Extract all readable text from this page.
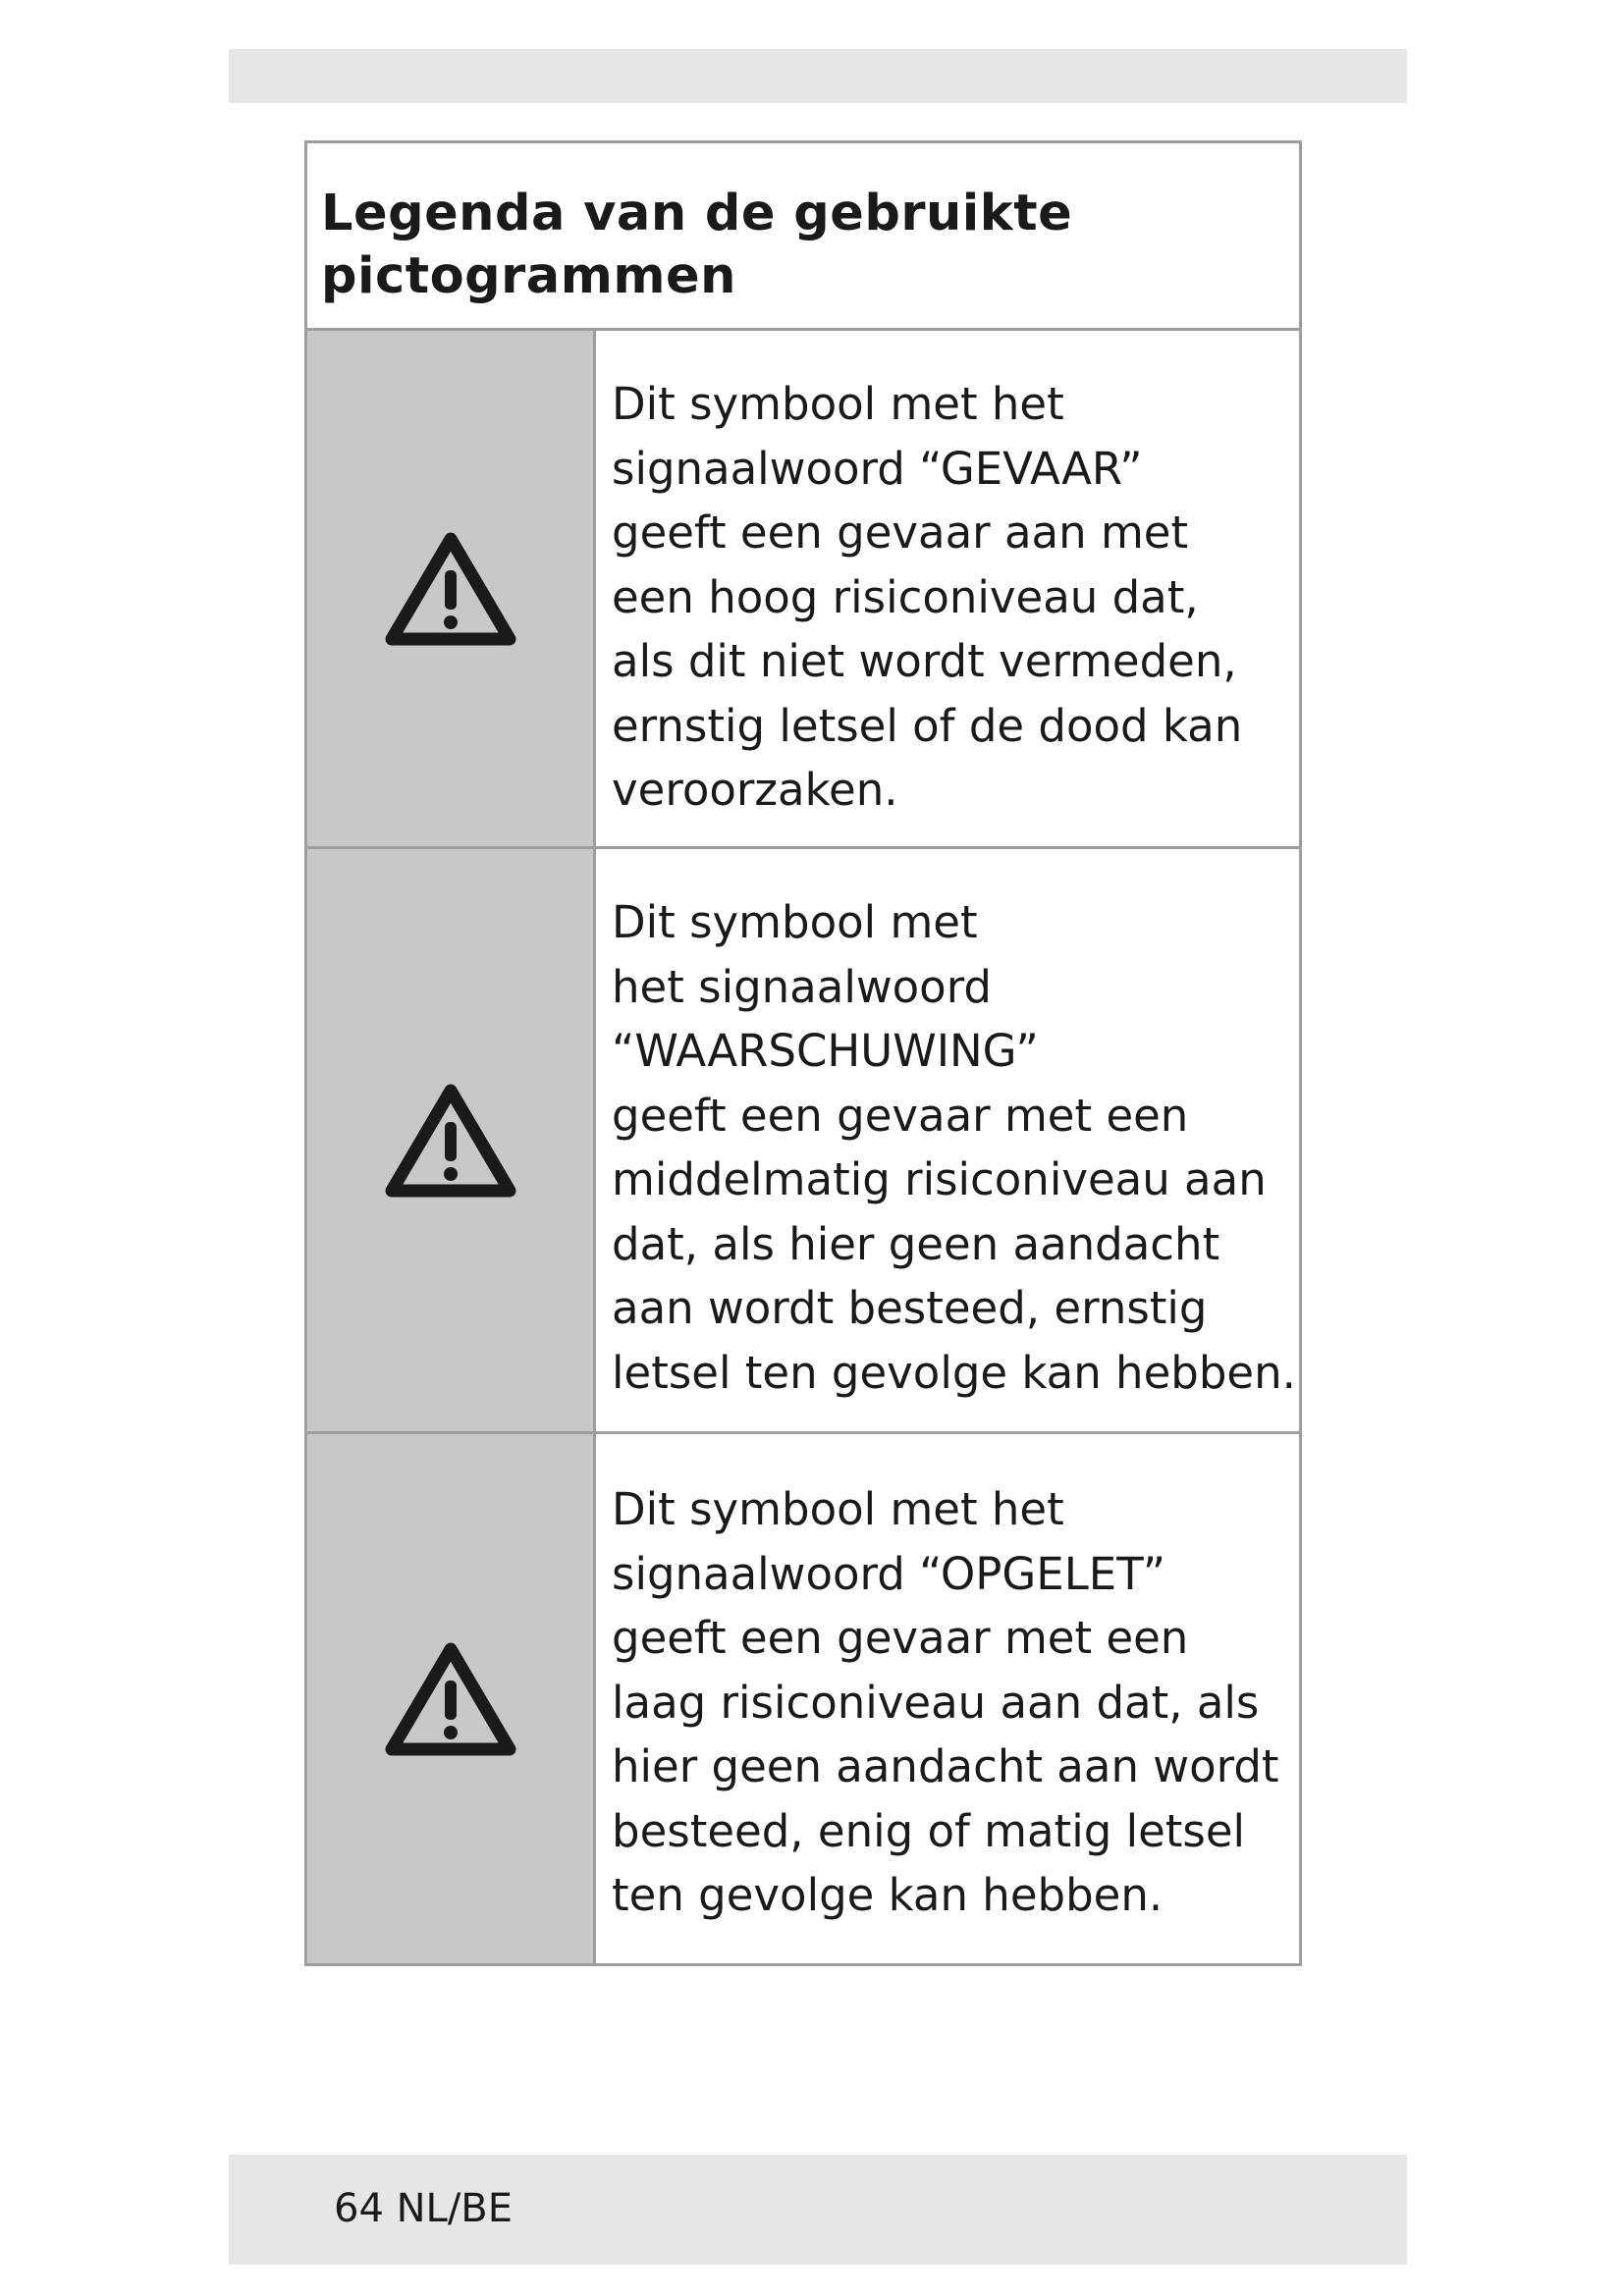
Legenda van de gebruikte
pictogrammen
Dit symbool met het
signaalwoord “GEVAAR”
geeft een gevaar aan met
een hoog risiconiveau dat,
als dit niet wordt vermeden,
ernstig letsel of de dood kan
veroorzaken.
Dit symbool met
het signaalwoord
“WAARSCHUWING”
geeft een gevaar met een
middelmatig risiconiveau aan
dat, als hier geen aandacht
aan wordt besteed, ernstig
letsel ten gevolge kan hebben.
Dit symbool met het
signaalwoord “OPGELET”
geeft een gevaar met een
laag risiconiveau aan dat, als
hier geen aandacht aan wordt
besteed, enig of matig letsel
ten gevolge kan hebben.
64 NL/BE
